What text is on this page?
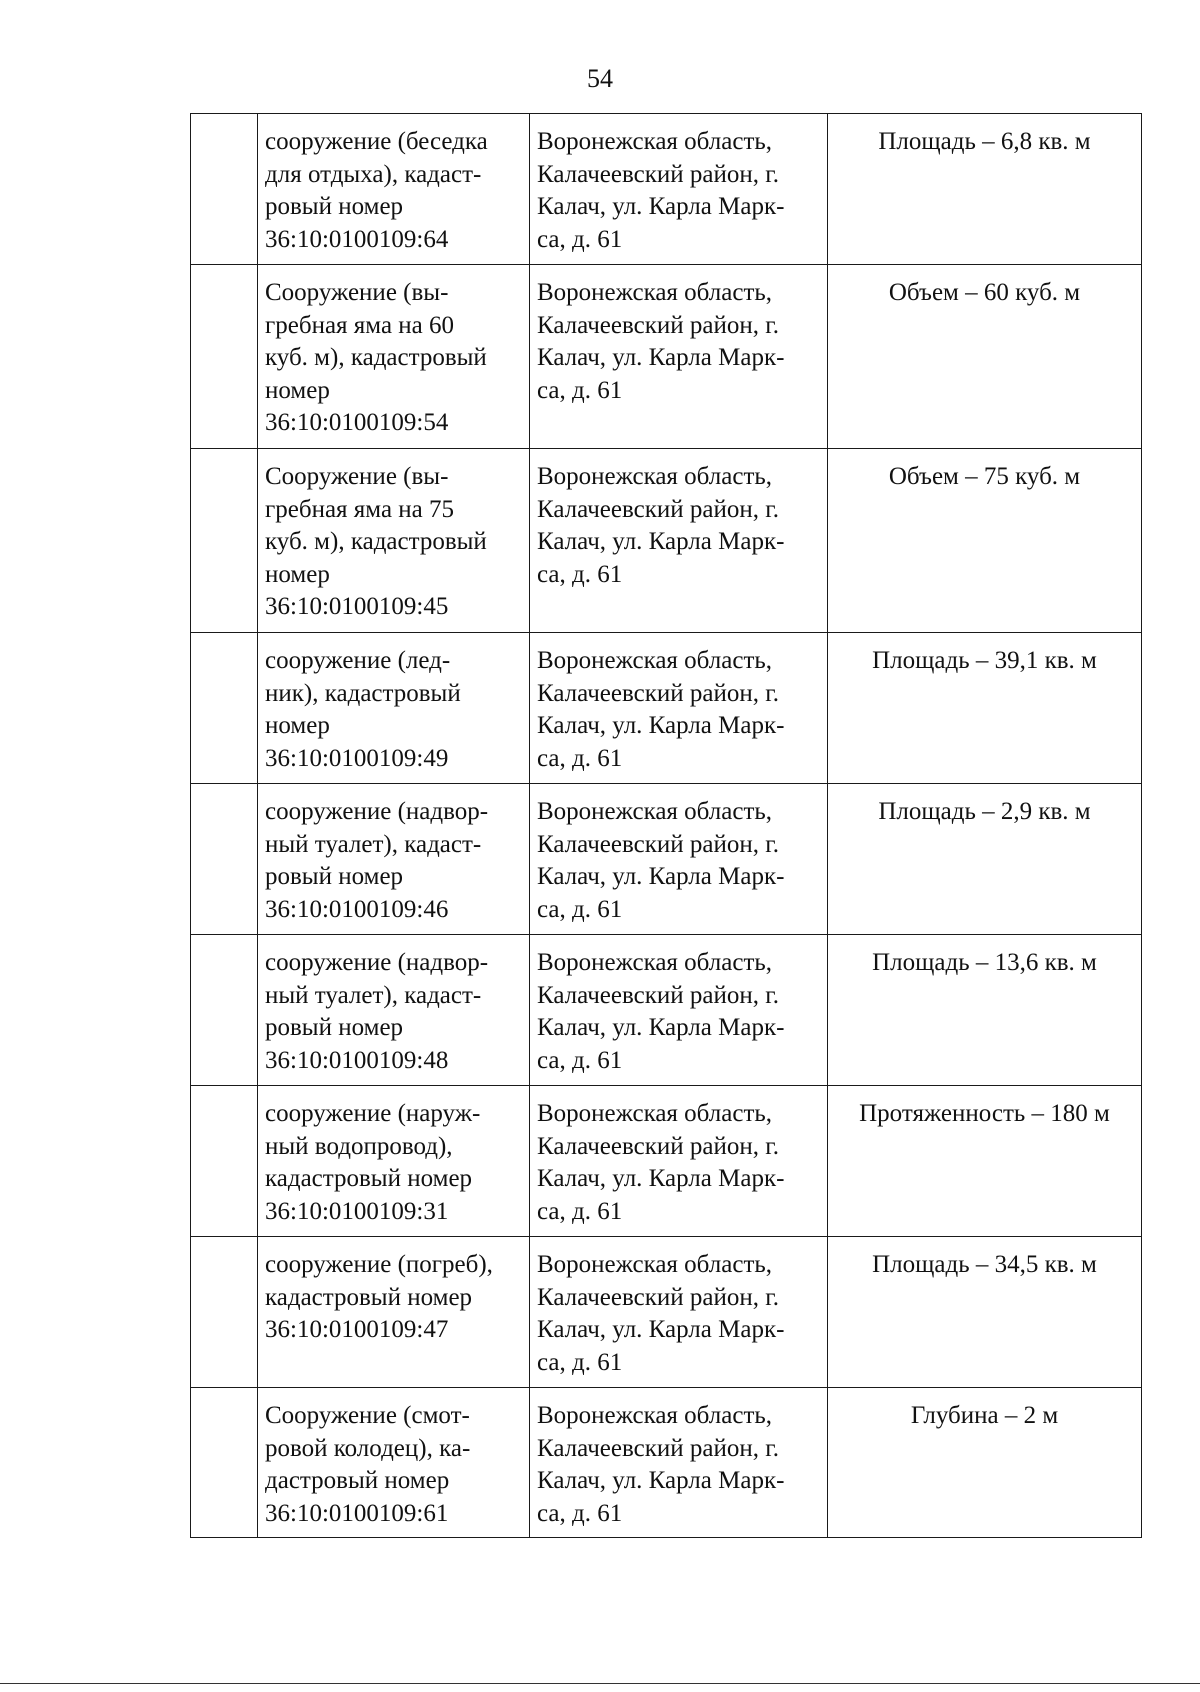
54

	сооружение (беседка
для отдыха), кадаст-
ровый номер
36:10:0100109:64	Воронежская область,
Калачеевский район, г.
Калач, ул. Карла Марк-
са, д. 61	Площадь – 6,8 кв. м

	Сооружение (вы-
гребная яма на 60
куб. м), кадастровый
номер
36:10:0100109:54	Воронежская область,
Калачеевский район, г.
Калач, ул. Карла Марк-
са, д. 61	Объем – 60 куб. м

	Сооружение (вы-
гребная яма на 75
куб. м), кадастровый
номер
36:10:0100109:45	Воронежская область,
Калачеевский район, г.
Калач, ул. Карла Марк-
са, д. 61	Объем – 75 куб. м

	сооружение (лед-
ник), кадастровый
номер
36:10:0100109:49	Воронежская область,
Калачеевский район, г.
Калач, ул. Карла Марк-
са, д. 61	Площадь – 39,1 кв. м

	сооружение (надвор-
ный туалет), кадаст-
ровый номер
36:10:0100109:46	Воронежская область,
Калачеевский район, г.
Калач, ул. Карла Марк-
са, д. 61	Площадь – 2,9 кв. м

	сооружение (надвор-
ный туалет), кадаст-
ровый номер
36:10:0100109:48	Воронежская область,
Калачеевский район, г.
Калач, ул. Карла Марк-
са, д. 61	Площадь – 13,6 кв. м

	сооружение (наруж-
ный водопровод),
кадастровый номер
36:10:0100109:31	Воронежская область,
Калачеевский район, г.
Калач, ул. Карла Марк-
са, д. 61	Протяженность – 180 м

	сооружение (погреб),
кадастровый номер
36:10:0100109:47	Воронежская область,
Калачеевский район, г.
Калач, ул. Карла Марк-
са, д. 61	Площадь – 34,5 кв. м

	Сооружение (смот-
ровой колодец), ка-
дастровый номер
36:10:0100109:61	Воронежская область,
Калачеевский район, г.
Калач, ул. Карла Марк-
са, д. 61	Глубина – 2 м
